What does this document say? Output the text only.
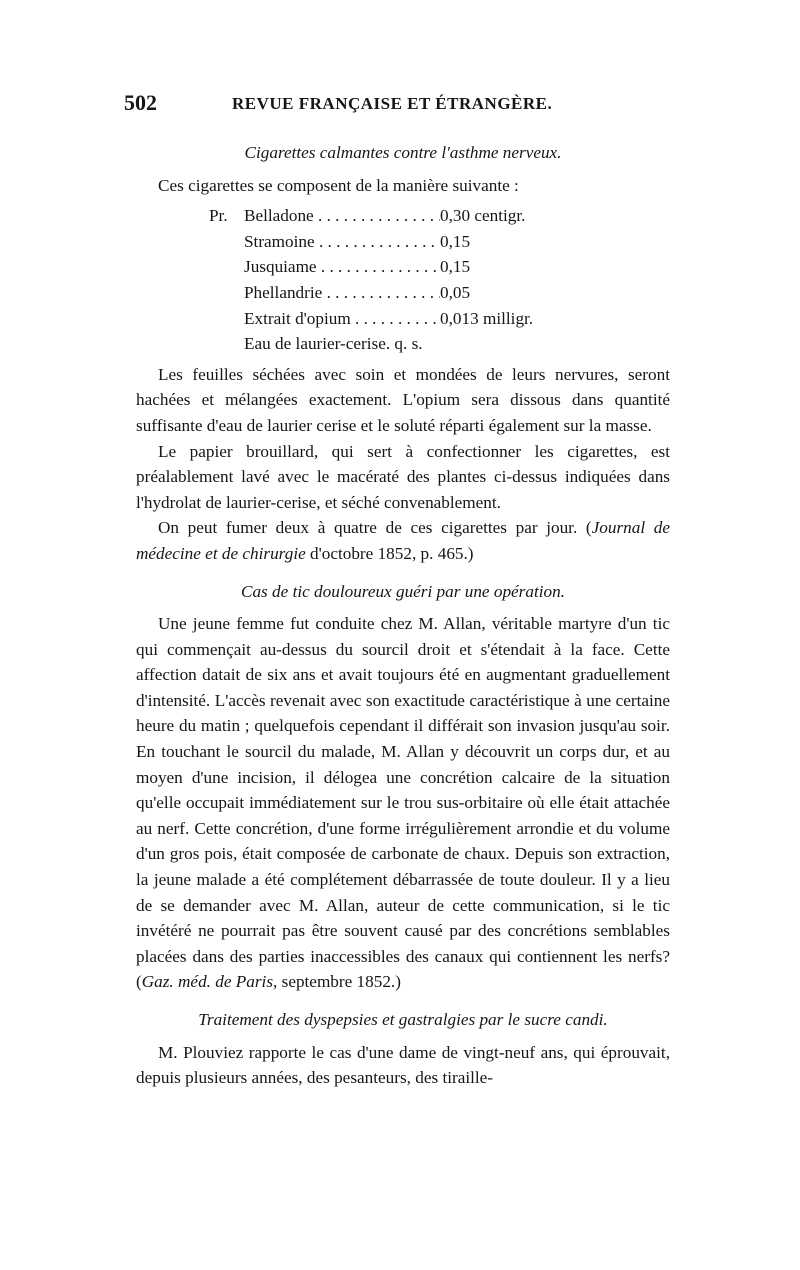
502	REVUE FRANÇAISE ET ÉTRANGÈRE.

Cigarettes calmantes contre l'asthme nerveux.

Ces cigarettes se composent de la manière suivante :

Pr. Belladone . . .	0,30 centigr.
Stramoine . . .	0,15
Jusquiame . . .	0,15
Phellandrie . . .	0,05
Extrait d'opium . . .	0,013 milligr.
Eau de laurier-cerise. q. s.

Les feuilles séchées avec soin et mondées de leurs nervures, seront hachées et mélangées exactement. L'opium sera dissous dans quantité suffisante d'eau de laurier cerise et le soluté réparti également sur la masse.

Le papier brouillard, qui sert à confectionner les cigarettes, est préalablement lavé avec le macératé des plantes ci-dessus indiquées dans l'hydrolat de laurier-cerise, et séché convenablement.

On peut fumer deux à quatre de ces cigarettes par jour. (Journal de médecine et de chirurgie d'octobre 1852, p. 465.)

Cas de tic douloureux guéri par une opération.

Une jeune femme fut conduite chez M. Allan, véritable martyre d'un tic qui commençait au-dessus du sourcil droit et s'étendait à la face. Cette affection datait de six ans et avait toujours été en augmentant graduellement d'intensité. L'accès revenait avec son exactitude caractéristique à une certaine heure du matin ; quelquefois cependant il différait son invasion jusqu'au soir. En touchant le sourcil du malade, M. Allan y découvrit un corps dur, et au moyen d'une incision, il délogea une concrétion calcaire de la situation qu'elle occupait immédiatement sur le trou sus-orbitaire où elle était attachée au nerf. Cette concrétion, d'une forme irrégulièrement arrondie et du volume d'un gros pois, était composée de carbonate de chaux. Depuis son extraction, la jeune malade a été complétement débarrassée de toute douleur. Il y a lieu de se demander avec M. Allan, auteur de cette communication, si le tic invétéré ne pourrait pas être souvent causé par des concrétions semblables placées dans des parties inaccessibles des canaux qui contiennent les nerfs? (Gaz. méd. de Paris, septembre 1852.)

Traitement des dyspepsies et gastralgies par le sucre candi.

M. Plouviez rapporte le cas d'une dame de vingt-neuf ans, qui éprouvait, depuis plusieurs années, des pesanteurs, des tiraille-
